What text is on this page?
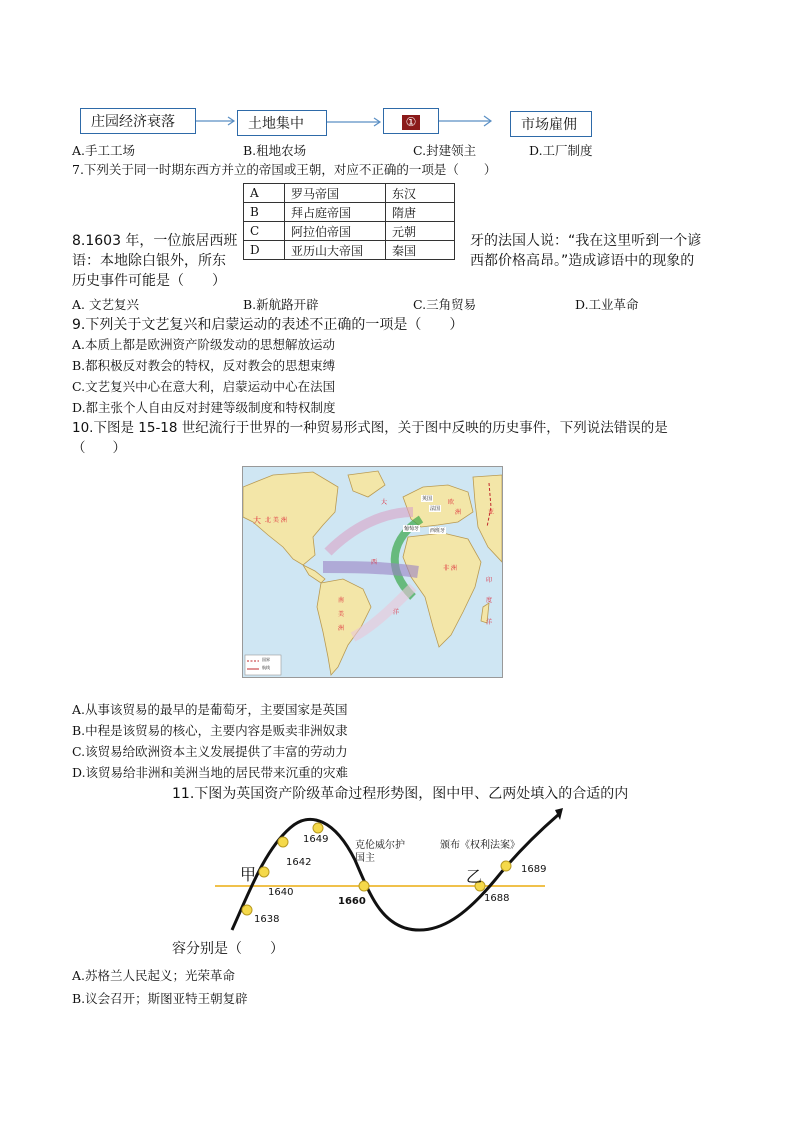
庄园经济衰落	土地集中	①	市场雇佣
A.手工工场	B.租地农场	C.封建领主	D.工厂制度
7.下列关于同一时期东西方并立的帝国或王朝，对应不正确的一项是（　　）
A	罗马帝国	东汉
B	拜占庭帝国	隋唐
C	阿拉伯帝国	元朝
D	亚历山大帝国	秦国
8.1603 年，一位旅居西班	牙的法国人说：“我在这里听到一个谚
语：本地除白银外，所东	西都价格高昂。”造成谚语中的现象的
历史事件可能是（　　）
A. 文艺复兴	B.新航路开辟	C.三角贸易	D.工业革命
9.下列关于文艺复兴和启蒙运动的表述不正确的一项是（　　）
A.本质上都是欧洲资产阶级发动的思想解放运动
B.都积极反对教会的特权，反对教会的思想束缚
C.文艺复兴中心在意大利，启蒙运动中心在法国
D.都主张个人自由反对封建等级制度和特权制度
10.下图是 15-18 世纪流行于世界的一种贸易形式图，关于图中反映的历史事件，下列说法错误的是
（　　）
大 北 美 洲
南
美
洲
西
洋
大
非 洲
欧
洲	亚
印
度
洋
英国
法国
西班牙
葡萄牙
国界
航线
A.从事该贸易的最早的是葡萄牙，主要国家是英国
B.中程是该贸易的核心，主要内容是贩卖非洲奴隶
C.该贸易给欧洲资本主义发展提供了丰富的劳动力
D.该贸易给非洲和美洲当地的居民带来沉重的灾难
11.下图为英国资产阶级革命过程形势图，图中甲、乙两处填入的合适的内
甲	乙
1638
1640
1642
1649
1660	1688
1689
克伦威尔护
国主
颁布《权利法案》
容分别是（　　）
A.苏格兰人民起义；光荣革命
B.议会召开；斯图亚特王朝复辟
